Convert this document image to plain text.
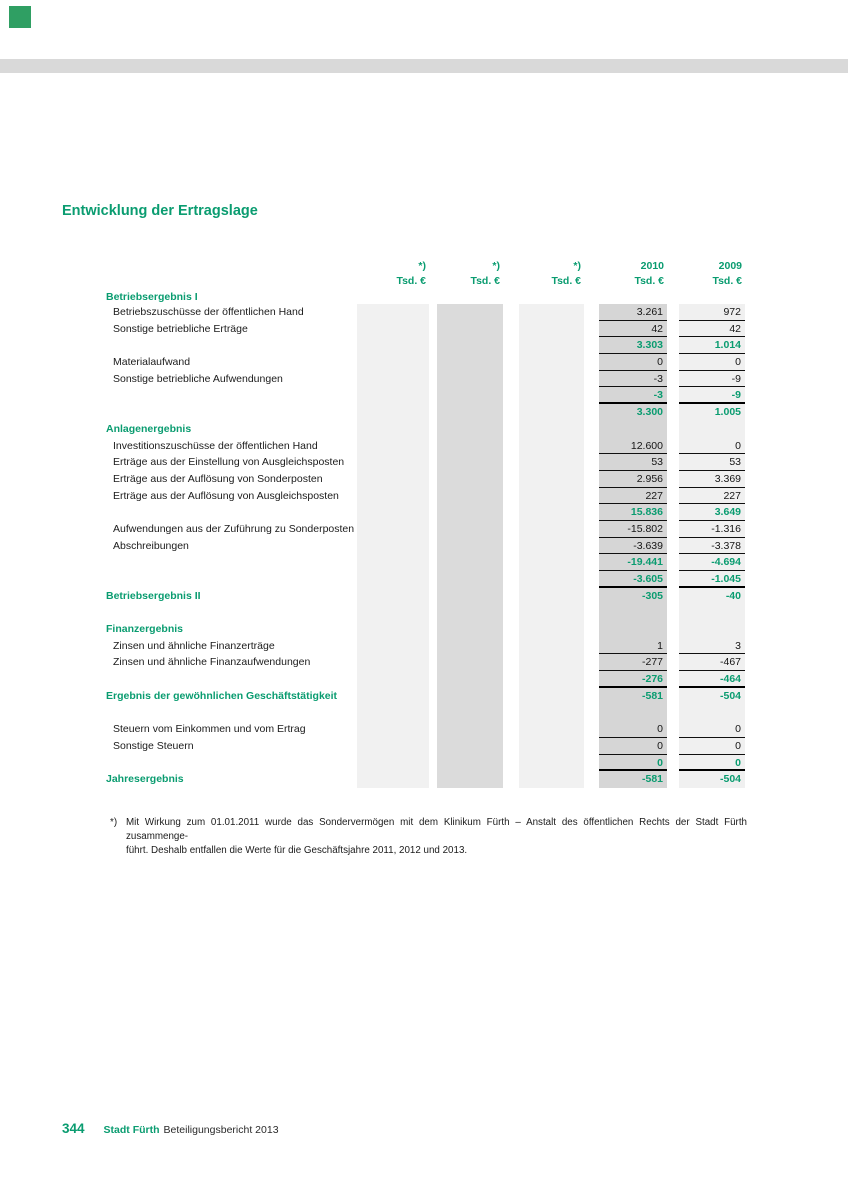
Entwicklung der Ertragslage
*)	*)	*)	2010	2009
Tsd. €	Tsd. €	Tsd. €	Tsd. €	Tsd. €
Betriebsergebnis I
Betriebszuschüsse der öffentlichen Hand	3.261	972
Sonstige betriebliche Erträge	42	42
3.303	1.014
Materialaufwand	0	0
Sonstige betriebliche Aufwendungen	-3	-9
-3	-9
3.300	1.005
Anlagenergebnis
Investitionszuschüsse der öffentlichen Hand	12.600	0
Erträge aus der Einstellung von Ausgleichsposten	53	53
Erträge aus der Auflösung von Sonderposten	2.956	3.369
Erträge aus der Auflösung von Ausgleichsposten	227	227
15.836	3.649
Aufwendungen aus der Zuführung zu Sonderposten	-15.802	-1.316
Abschreibungen	-3.639	-3.378
-19.441	-4.694
-3.605	-1.045
Betriebsergebnis II	-305	-40
Finanzergebnis
Zinsen und ähnliche Finanzerträge	1	3
Zinsen und ähnliche Finanzaufwendungen	-277	-467
-276	-464
Ergebnis der gewöhnlichen Geschäftstätigkeit	-581	-504
Steuern vom Einkommen und vom Ertrag	0	0
Sonstige Steuern	0	0
0	0
Jahresergebnis	-581	-504
*) Mit Wirkung zum 01.01.2011 wurde das Sondervermögen mit dem Klinikum Fürth – Anstalt des öffentlichen Rechts der Stadt Fürth zusammenge-
führt. Deshalb entfallen die Werte für die Geschäftsjahre 2011, 2012 und 2013.
344 Stadt Fürth Beteiligungsbericht 2013
